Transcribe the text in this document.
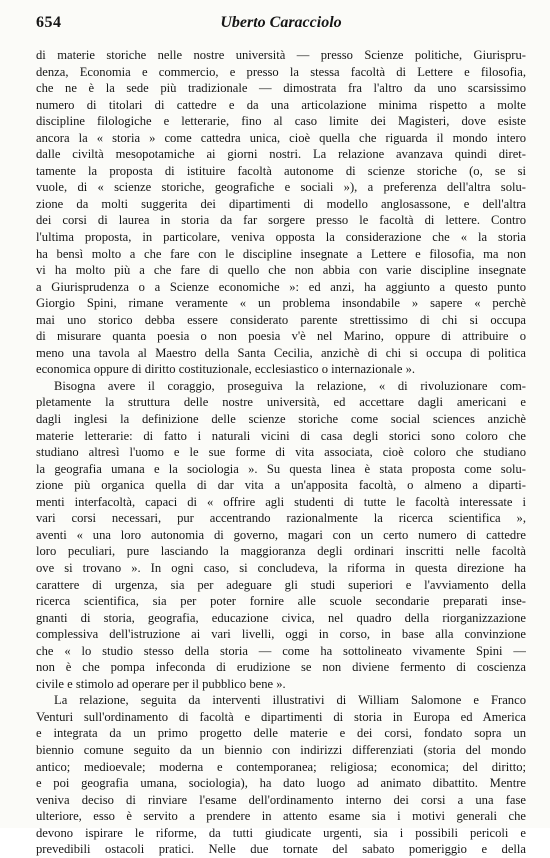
654	Uberto Caracciolo
di materie storiche nelle nostre università — presso Scienze politiche, Giurispru-
denza, Economia e commercio, e presso la stessa facoltà di Lettere e filosofia,
che ne è la sede più tradizionale — dimostrata fra l'altro da uno scarsissimo
numero di titolari di cattedre e da una articolazione minima rispetto a molte
discipline filologiche e letterarie, fino al caso limite dei Magisteri, dove esiste
ancora la « storia » come cattedra unica, cioè quella che riguarda il mondo intero
dalle civiltà mesopotamiche ai giorni nostri. La relazione avanzava quindi diret-
tamente la proposta di istituire facoltà autonome di scienze storiche (o, se si
vuole, di « scienze storiche, geografiche e sociali »), a preferenza dell'altra solu-
zione da molti suggerita dei dipartimenti di modello anglosassone, e dell'altra
dei corsi di laurea in storia da far sorgere presso le facoltà di lettere. Contro
l'ultima proposta, in particolare, veniva opposta la considerazione che « la storia
ha bensì molto a che fare con le discipline insegnate a Lettere e filosofia, ma non
vi ha molto più a che fare di quello che non abbia con varie discipline insegnate
a Giurisprudenza o a Scienze economiche »: ed anzi, ha aggiunto a questo punto
Giorgio Spini, rimane veramente « un problema insondabile » sapere « perchè
mai uno storico debba essere considerato parente strettissimo di chi si occupa
di misurare quanta poesia o non poesia v'è nel Marino, oppure di attribuire o
meno una tavola al Maestro della Santa Cecilia, anzichè di chi si occupa di politica
economica oppure di diritto costituzionale, ecclesiastico o internazionale ».
Bisogna avere il coraggio, proseguiva la relazione, « di rivoluzionare com-
pletamente la struttura delle nostre università, ed accettare dagli americani e
dagli inglesi la definizione delle scienze storiche come social sciences anzichè
materie letterarie: di fatto i naturali vicini di casa degli storici sono coloro che
studiano altresì l'uomo e le sue forme di vita associata, cioè coloro che studiano
la geografia umana e la sociologia ». Su questa linea è stata proposta come solu-
zione più organica quella di dar vita a un'apposita facoltà, o almeno a diparti-
menti interfacoltà, capaci di « offrire agli studenti di tutte le facoltà interessate i
vari corsi necessari, pur accentrando razionalmente la ricerca scientifica »,
aventi « una loro autonomia di governo, magari con un certo numero di cattedre
loro peculiari, pure lasciando la maggioranza degli ordinari inscritti nelle facoltà
ove si trovano ». In ogni caso, si concludeva, la riforma in questa direzione ha
carattere di urgenza, sia per adeguare gli studi superiori e l'avviamento della
ricerca scientifica, sia per poter fornire alle scuole secondarie preparati inse-
gnanti di storia, geografia, educazione civica, nel quadro della riorganizzazione
complessiva dell'istruzione ai vari livelli, oggi in corso, in base alla convinzione
che « lo studio stesso della storia — come ha sottolineato vivamente Spini —
non è che pompa infeconda di erudizione se non diviene fermento di coscienza
civile e stimolo ad operare per il pubblico bene ».
La relazione, seguita da interventi illustrativi di William Salomone e Franco
Venturi sull'ordinamento di facoltà e dipartimenti di storia in Europa ed America
e integrata da un primo progetto delle materie e dei corsi, fondato sopra un
biennio comune seguito da un biennio con indirizzi differenziati (storia del mondo
antico; medioevale; moderna e contemporanea; religiosa; economica; del diritto;
e poi geografia umana, sociologia), ha dato luogo ad animato dibattito. Mentre
veniva deciso di rinviare l'esame dell'ordinamento interno dei corsi a una fase
ulteriore, esso è servito a prendere in attento esame sia i motivi generali che
devono ispirare le riforme, da tutti giudicate urgenti, sia i possibili pericoli e
prevedibili ostacoli pratici. Nelle due tornate del sabato pomeriggio e della
